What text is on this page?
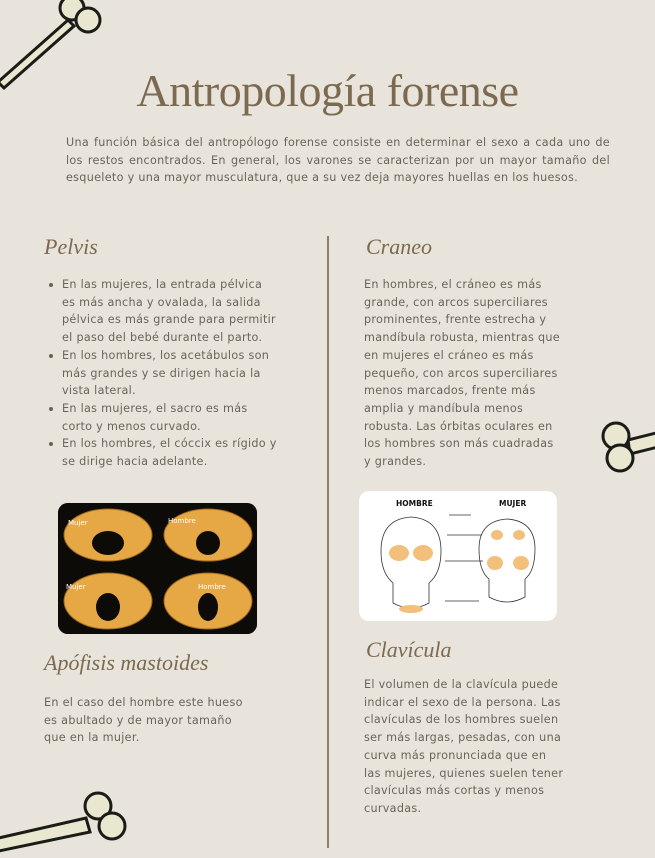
Antropología forense

Una función básica del antropólogo forense consiste en determinar el sexo a cada uno de los restos encontrados. En general, los varones se caracterizan por un mayor tamaño del esqueleto y una mayor musculatura, que a su vez deja mayores huellas en los huesos.

Pelvis
En las mujeres, la entrada pélvica es más ancha y ovalada, la salida pélvica es más grande para permitir el paso del bebé durante el parto.
En los hombres, los acetábulos son más grandes y se dirigen hacia la vista lateral.
En las mujeres, el sacro es más corto y menos curvado.
En los hombres, el cóccix es rígido y se dirige hacia adelante.
Mujer	Hombre
Mujer	Hombre
Apófisis mastoides

En el caso del hombre este hueso es abultado y de mayor tamaño que en la mujer.

Craneo

En hombres, el cráneo es más grande, con arcos superciliares prominentes, frente estrecha y mandíbula robusta, mientras que en mujeres el cráneo es más pequeño, con arcos superciliares menos marcados, frente más amplia y mandíbula menos robusta. Las órbitas oculares en los hombres son más cuadradas y grandes.

HOMBRE	MUJER
Clavícula

El volumen de la clavícula puede indicar el sexo de la persona. Las clavículas de los hombres suelen ser más largas, pesadas, con una curva más pronunciada que en las mujeres, quienes suelen tener clavículas más cortas y menos curvadas.
